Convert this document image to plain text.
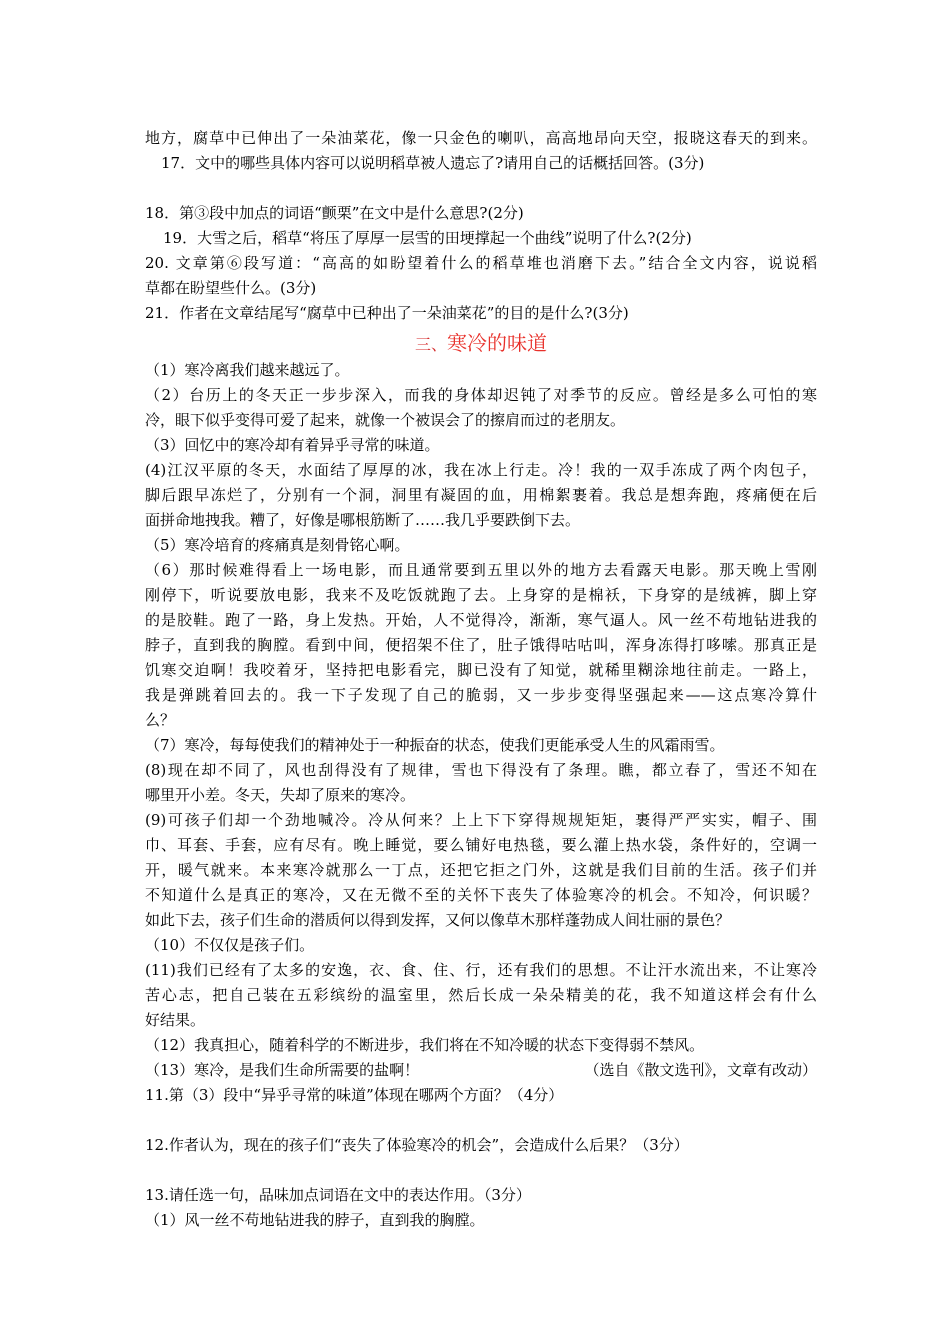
地方，腐草中已伸出了一朵油菜花，像一只金色的喇叭，高高地昂向天空，报晓这春天的到来。
17．文中的哪些具体内容可以说明稻草被人遗忘了?请用自己的话概括回答。(3分)
18．第③段中加点的词语“颤栗”在文中是什么意思?(2分)
19．大雪之后，稻草“将压了厚厚一层雪的田埂撑起一个曲线”说明了什么?(2分)
20. 文章第⑥段写道：“高高的如盼望着什么的稻草堆也消磨下去。”结合全文内容，说说稻
草都在盼望些什么。(3分)
21．作者在文章结尾写“腐草中已种出了一朵油菜花”的目的是什么?(3分)
三、寒冷的味道
（1）寒冷离我们越来越远了。
（2）台历上的冬天正一步步深入，而我的身体却迟钝了对季节的反应。曾经是多么可怕的寒
冷，眼下似乎变得可爱了起来，就像一个被误会了的擦肩而过的老朋友。
（3）回忆中的寒冷却有着异乎寻常的味道。
(4)江汉平原的冬天，水面结了厚厚的冰，我在冰上行走。冷！我的一双手冻成了两个肉包子，
脚后跟早冻烂了，分别有一个洞，洞里有凝固的血，用棉絮裹着。我总是想奔跑，疼痛便在后
面拼命地拽我。糟了，好像是哪根筋断了……我几乎要跌倒下去。
（5）寒冷培育的疼痛真是刻骨铭心啊。
（6）那时候难得看上一场电影，而且通常要到五里以外的地方去看露天电影。那天晚上雪刚
刚停下，听说要放电影，我来不及吃饭就跑了去。上身穿的是棉袄，下身穿的是绒裤，脚上穿
的是胶鞋。跑了一路，身上发热。开始，人不觉得冷，渐渐，寒气逼人。风一丝不苟地钻进我的
脖子，直到我的胸膛。看到中间，便招架不住了，肚子饿得咕咕叫，浑身冻得打哆嗦。那真正是
饥寒交迫啊！我咬着牙，坚持把电影看完，脚已没有了知觉，就稀里糊涂地往前走。一路上，
我是弹跳着回去的。我一下子发现了自己的脆弱，又一步步变得坚强起来——这点寒冷算什
么？
（7）寒冷，每每使我们的精神处于一种振奋的状态，使我们更能承受人生的风霜雨雪。
(8)现在却不同了，风也刮得没有了规律，雪也下得没有了条理。瞧，都立春了，雪还不知在
哪里开小差。冬天，失却了原来的寒冷。
(9)可孩子们却一个劲地喊冷。冷从何来？上上下下穿得规规矩矩，裹得严严实实，帽子、围
巾、耳套、手套，应有尽有。晚上睡觉，要么铺好电热毯，要么灌上热水袋，条件好的，空调一
开，暖气就来。本来寒冷就那么一丁点，还把它拒之门外，这就是我们目前的生活。孩子们并
不知道什么是真正的寒冷，又在无微不至的关怀下丧失了体验寒冷的机会。不知冷，何识暖？
如此下去，孩子们生命的潜质何以得到发挥，又何以像草木那样蓬勃成人间壮丽的景色？
（10）不仅仅是孩子们。
(11)我们已经有了太多的安逸，衣、食、住、行，还有我们的思想。不让汗水流出来，不让寒冷
苦心志，把自己装在五彩缤纷的温室里，然后长成一朵朵精美的花，我不知道这样会有什么
好结果。
（12）我真担心，随着科学的不断进步，我们将在不知冷暖的状态下变得弱不禁风。
（13）寒冷，是我们生命所需要的盐啊！	（选自《散文选刊》，文章有改动）
11.第（3）段中“异乎寻常的味道”体现在哪两个方面？（4分）
12.作者认为，现在的孩子们“丧失了体验寒冷的机会”，会造成什么后果？（3分）
13.请任选一句，品味加点词语在文中的表达作用。（3分）
（1）风一丝不苟地钻进我的脖子，直到我的胸膛。
